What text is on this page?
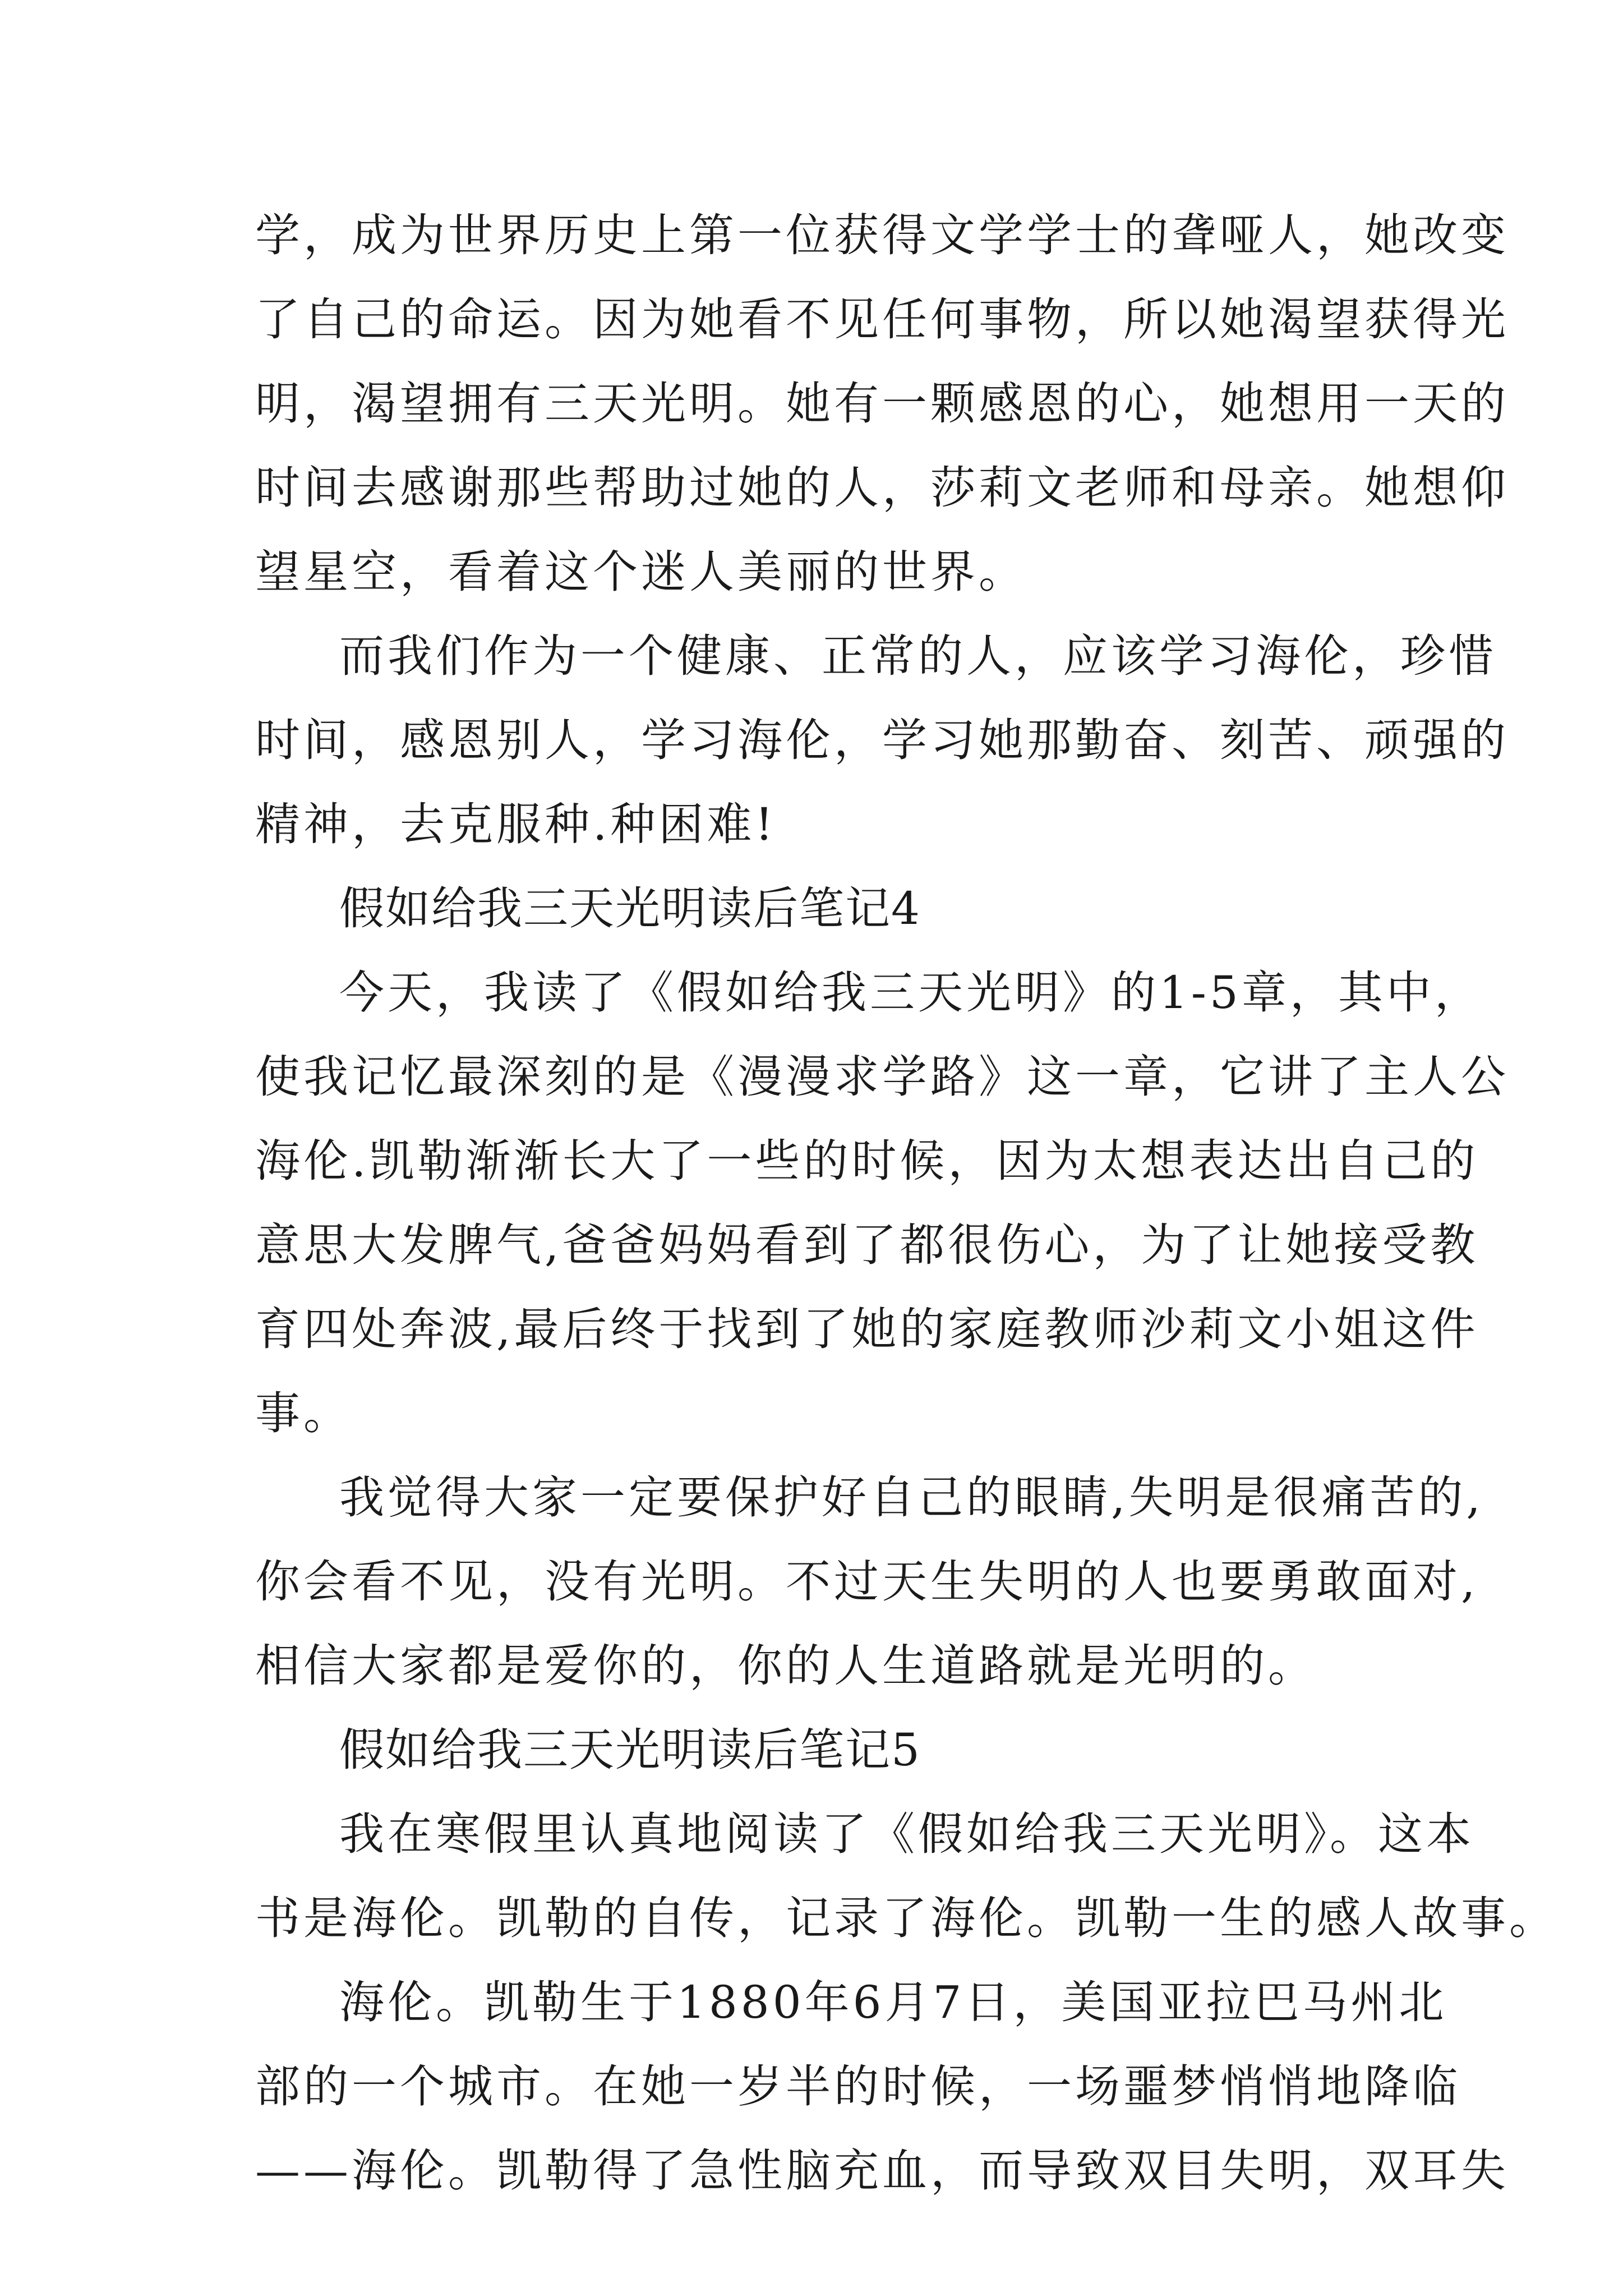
学，成为世界历史上第一位获得文学学士的聋哑人，她改变
了自己的命运。因为她看不见任何事物，所以她渴望获得光
明，渴望拥有三天光明。她有一颗感恩的心，她想用一天的
时间去感谢那些帮助过她的人，莎莉文老师和母亲。她想仰
望星空，看着这个迷人美丽的世界。
而我们作为一个健康、正常的人，应该学习海伦，珍惜
时间，感恩别人，学习海伦，学习她那勤奋、刻苦、顽强的
精神，去克服种.种困难!
假如给我三天光明读后笔记4
今天，我读了《假如给我三天光明》的1-5章，其中，
使我记忆最深刻的是《漫漫求学路》这一章，它讲了主人公
海伦.凯勒渐渐长大了一些的时候，因为太想表达出自己的
意思大发脾气,爸爸妈妈看到了都很伤心，为了让她接受教
育四处奔波,最后终于找到了她的家庭教师沙莉文小姐这件
事。
我觉得大家一定要保护好自己的眼睛,失明是很痛苦的,
你会看不见，没有光明。不过天生失明的人也要勇敢面对,
相信大家都是爱你的，你的人生道路就是光明的。
假如给我三天光明读后笔记5
我在寒假里认真地阅读了《假如给我三天光明》。这本
书是海伦。凯勒的自传，记录了海伦。凯勒一生的感人故事。
海伦。凯勒生于1880年6月7日，美国亚拉巴马州北
部的一个城市。在她一岁半的时候，一场噩梦悄悄地降临
——海伦。凯勒得了急性脑充血，而导致双目失明，双耳失
